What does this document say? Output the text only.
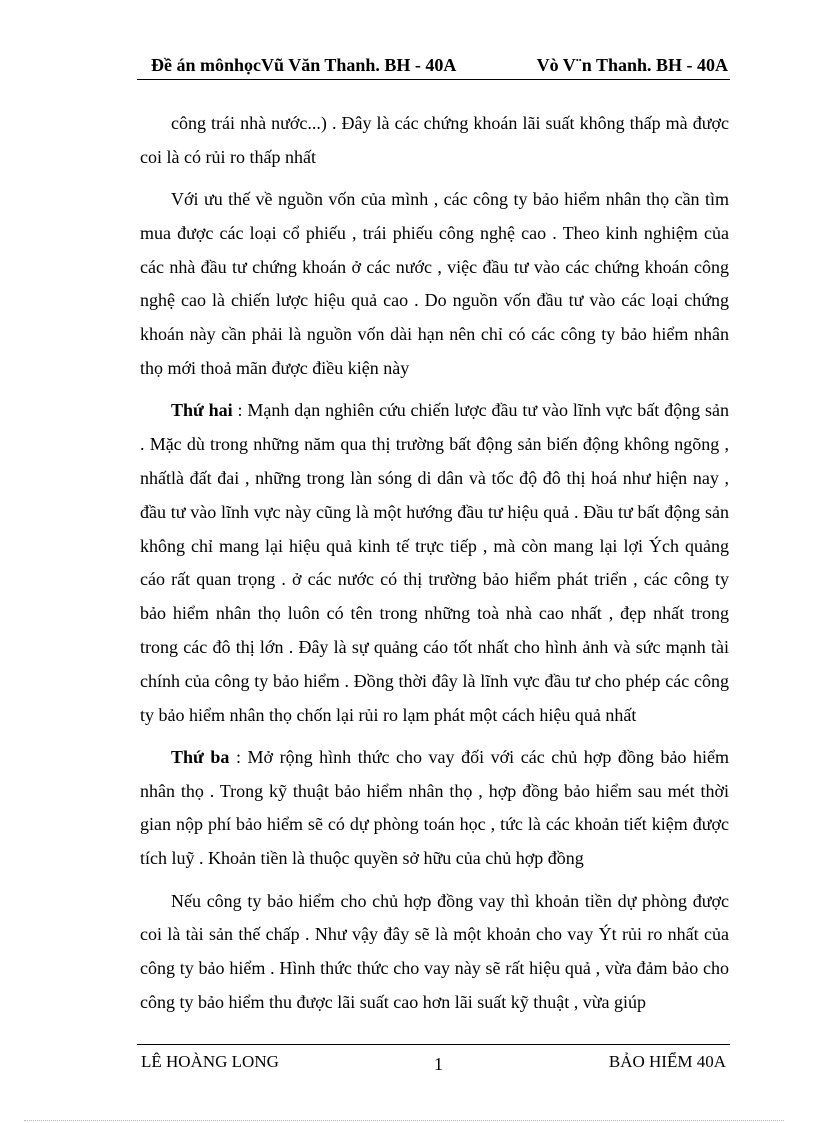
Đề án mônhọcVũ Văn Thanh. BH - 40A	Vò V¨n Thanh. BH - 40A

công trái nhà nước...) . Đây là các chứng khoán lãi suất không thấp mà được coi là có rủi ro thấp nhất

Với ưu thế về nguồn vốn của mình , các công ty bảo hiểm nhân thọ cần tìm mua được các loại cổ phiếu , trái phiếu công nghệ cao . Theo kinh nghiệm của các nhà đầu tư chứng khoán ở các nước , việc đầu tư vào các chứng khoán công nghệ cao là chiến lược hiệu quả cao . Do nguồn vốn đầu tư vào các loại chứng khoán này cần phải là nguồn vốn dài hạn nên chỉ có các công ty bảo hiểm nhân thọ mới thoả mãn được điều kiện này

Thứ hai : Mạnh dạn nghiên cứu chiến lược đầu tư vào lĩnh vực bất động sản . Mặc dù trong những năm qua thị trường bất động sản biến động không ngõng , nhấtlà đất đai , những trong làn sóng di dân và tốc độ đô thị hoá như hiện nay , đầu tư vào lĩnh vực này cũng là một hướng đầu tư hiệu quả . Đầu tư bất động sản không chỉ mang lại hiệu quả kinh tế trực tiếp , mà còn mang lại lợi Ých quảng cáo rất quan trọng . ở các nước có thị trường bảo hiểm phát triển , các công ty bảo hiểm nhân thọ luôn có tên trong những toà nhà cao nhất , đẹp nhất trong trong các đô thị lớn . Đây là sự quảng cáo tốt nhất cho hình ảnh và sức mạnh tài chính của công ty bảo hiểm . Đồng thời đây là lĩnh vực đầu tư cho phép các công ty bảo hiểm nhân thọ chốn lại rủi ro lạm phát một cách hiệu quả nhất

Thứ ba : Mở rộng hình thức cho vay đối với các chủ hợp đồng bảo hiểm nhân thọ . Trong kỹ thuật bảo hiểm nhân thọ , hợp đồng bảo hiểm sau mét thời gian nộp phí bảo hiểm sẽ có dự phòng toán học , tức là các khoản tiết kiệm được tích luỹ . Khoản tiền là thuộc quyền sở hữu của chủ hợp đồng

Nếu công ty bảo hiểm cho chủ hợp đồng vay thì khoản tiền dự phòng được coi là tài sản thế chấp . Như vậy đây sẽ là một khoản cho vay Ýt rủi ro nhất của công ty bảo hiểm . Hình thức thức cho vay này sẽ rất hiệu quả , vừa đảm bảo cho công ty bảo hiểm thu được lãi suất cao hơn lãi suất kỹ thuật , vừa giúp

LÊ HOÀNG LONG	1	BẢO HIỂM 40A
